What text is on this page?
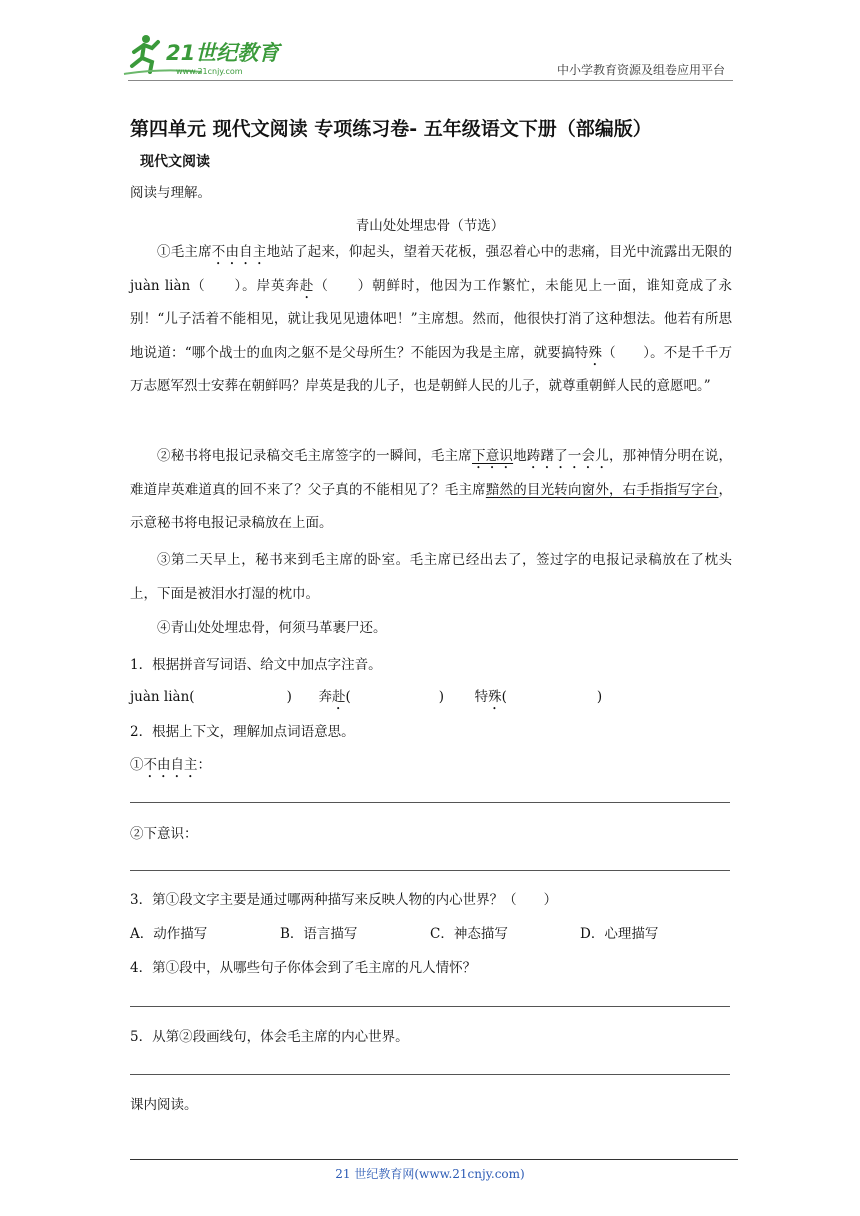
21世纪教育
www.21cnjy.com	中小学教育资源及组卷应用平台
第四单元 现代文阅读 专项练习卷- 五年级语文下册（部编版）
现代文阅读
阅读与理解。
青山处处埋忠骨（节选）
①毛主席不由自主地站了起来，仰起头，望着天花板，强忍着心中的悲痛，目光中流露出无限的 juàn liàn（　　）。岸英奔赴（　　）朝鲜时，他因为工作繁忙，未能见上一面，谁知竟成了永别！“儿子活着不能相见，就让我见见遗体吧！”主席想。然而，他很快打消了这种想法。他若有所思地说道：“哪个战士的血肉之躯不是父母所生？不能因为我是主席，就要搞特殊（　　）。不是千千万万志愿军烈士安葬在朝鲜吗？岸英是我的儿子，也是朝鲜人民的儿子，就尊重朝鲜人民的意愿吧。”
②秘书将电报记录稿交毛主席签字的一瞬间，毛主席下意识地踌躇了一会儿，那神情分明在说，难道岸英难道真的回不来了？父子真的不能相见了？毛主席黯然的目光转向窗外，右手指指写字台，示意秘书将电报记录稿放在上面。
③第二天早上，秘书来到毛主席的卧室。毛主席已经出去了，签过字的电报记录稿放在了枕头上，下面是被泪水打湿的枕巾。
④青山处处埋忠骨，何须马革裹尸还。
1．根据拼音写词语、给文中加点字注音。
juàn liàn(	) 奔赴(	) 特殊(	)
2．根据上下文，理解加点词语意思。
①不由自主：
②下意识：
3．第①段文字主要是通过哪两种描写来反映人物的内心世界？（　　）
A．动作描写	B．语言描写	C．神态描写	D．心理描写
4．第①段中，从哪些句子你体会到了毛主席的凡人情怀？
5．从第②段画线句，体会毛主席的内心世界。
课内阅读。
21 世纪教育网(www.21cnjy.com)
